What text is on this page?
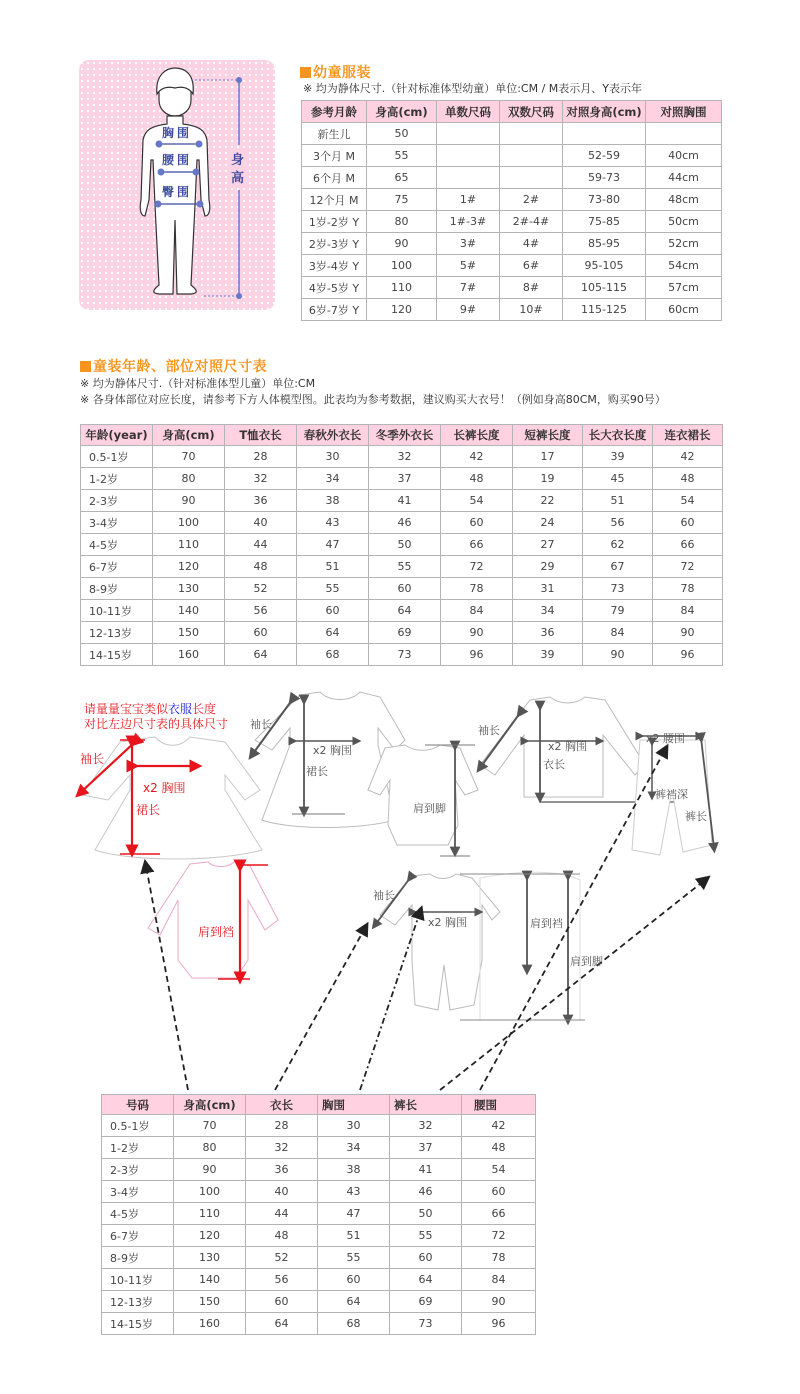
胸围
腰围
臀围
身高
幼童服装
※ 均为静体尺寸.（针对标准体型幼童）单位:CM / M表示月、Y表示年
参考月龄	身高(cm)	单数尺码	双数尺码	对照身高(cm)	对照胸围
新生儿	50				
3个月 M	55			52-59	40cm
6个月 M	65			59-73	44cm
12个月 M	75	1#	2#	73-80	48cm
1岁-2岁 Y	80	1#-3#	2#-4#	75-85	50cm
2岁-3岁 Y	90	3#	4#	85-95	52cm
3岁-4岁 Y	100	5#	6#	95-105	54cm
4岁-5岁 Y	110	7#	8#	105-115	57cm
6岁-7岁 Y	120	9#	10#	115-125	60cm
童装年龄、部位对照尺寸表
※ 均为静体尺寸.（针对标准体型儿童）单位:CM
※ 各身体部位对应长度，请参考下方人体模型图。此表均为参考数据，建议购买大衣号！（例如身高80CM，购买90号）
年龄(year)	身高(cm)	T恤衣长	春秋外衣长	冬季外衣长	长裤长度	短裤长度	长大衣长度	连衣裙长
0.5-1岁	70	28	30	32	42	17	39	42
1-2岁	80	32	34	37	48	19	45	48
2-3岁	90	36	38	41	54	22	51	54
3-4岁	100	40	43	46	60	24	56	60
4-5岁	110	44	47	50	66	27	62	66
6-7岁	120	48	51	55	72	29	67	72
8-9岁	130	52	55	60	78	31	73	78
10-11岁	140	56	60	64	84	34	79	84
12-13岁	150	60	64	69	90	36	84	90
14-15岁	160	64	68	73	96	39	90	96
请量量宝宝类似衣服长度
对比左边尺寸表的具体尺寸
袖长
x2 胸围
裙长
肩到裆
袖长
x2 胸围
裙长
肩到脚
袖长
x2 胸围
衣长
x2 腰围
裤裆深
裤长
袖长
x2 胸围	肩到裆
肩到脚
号码	身高(cm)	衣长	胸围	裤长	腰围
0.5-1岁	70	28	30	32	42
1-2岁	80	32	34	37	48
2-3岁	90	36	38	41	54
3-4岁	100	40	43	46	60
4-5岁	110	44	47	50	66
6-7岁	120	48	51	55	72
8-9岁	130	52	55	60	78
10-11岁	140	56	60	64	84
12-13岁	150	60	64	69	90
14-15岁	160	64	68	73	96
